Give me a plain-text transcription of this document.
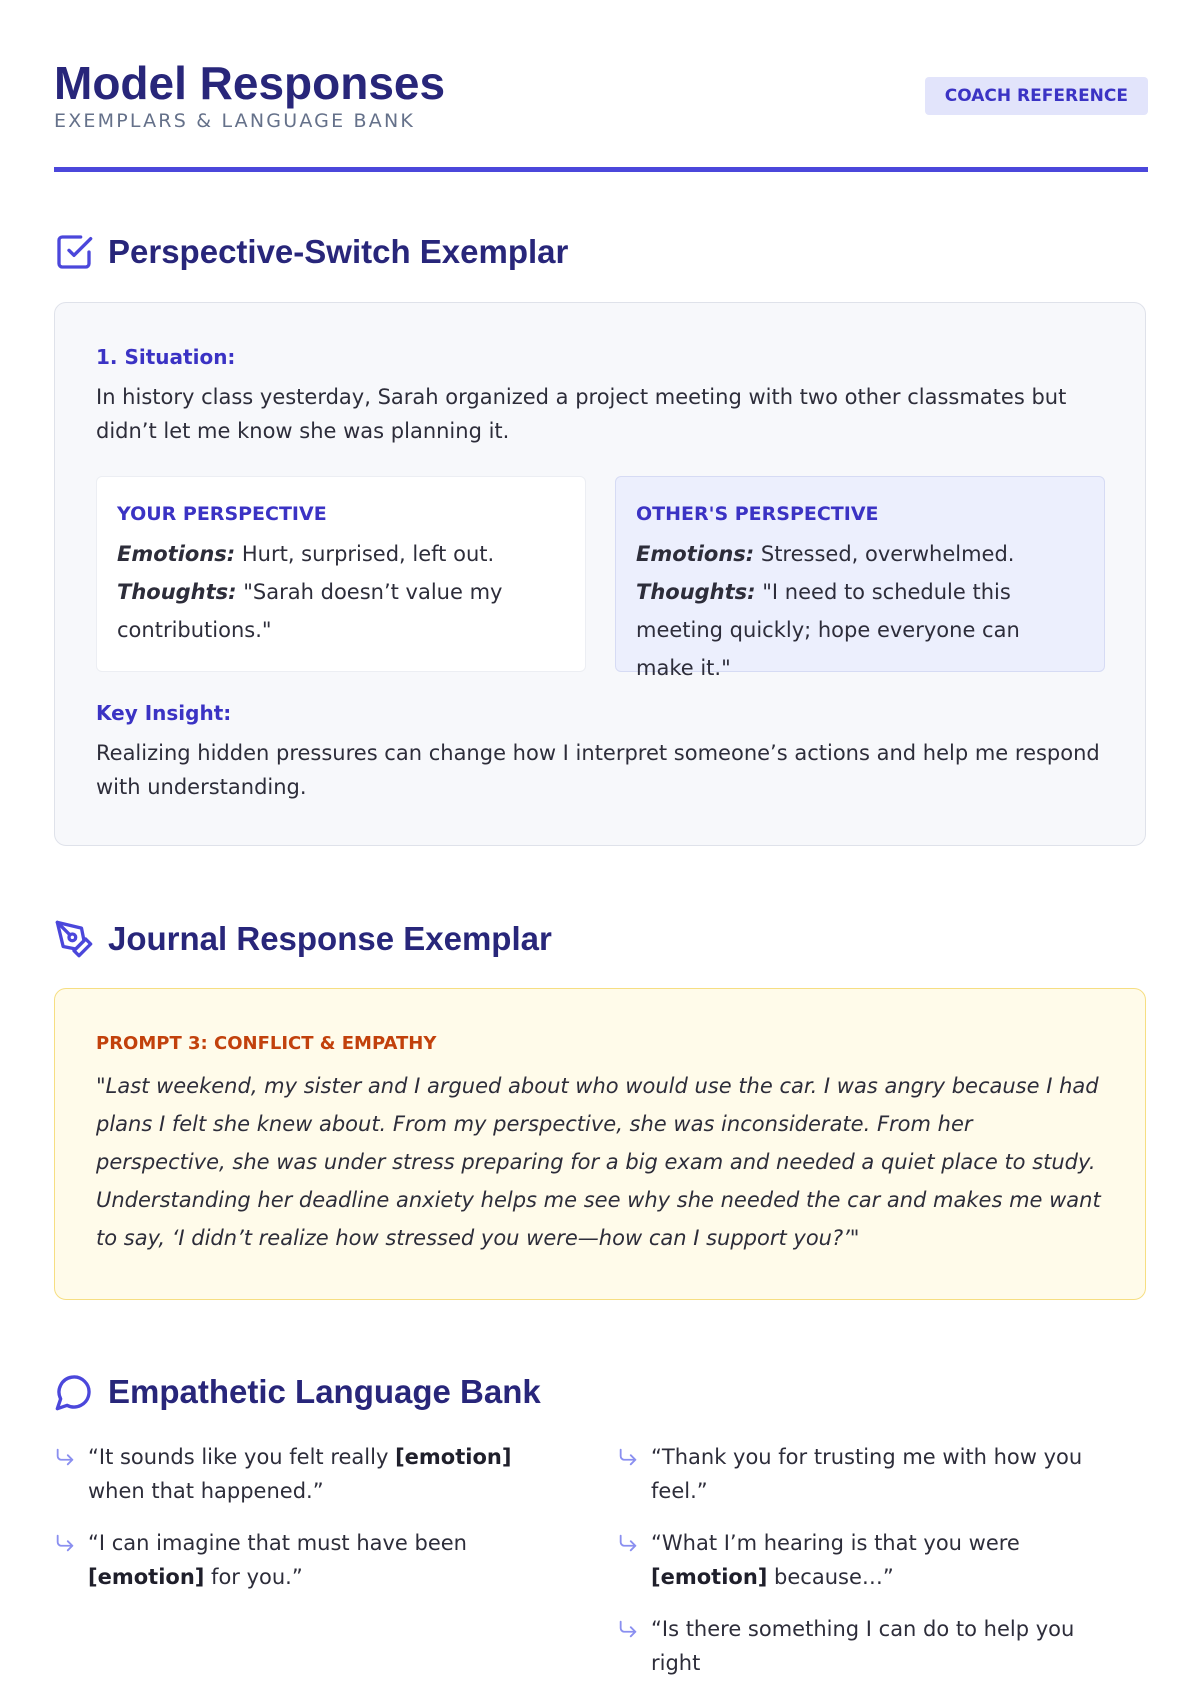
Model Responses
EXEMPLARS & LANGUAGE BANK
COACH REFERENCE
Perspective-Switch Exemplar
1. Situation:
In history class yesterday, Sarah organized a project meeting with two other classmates but didn’t let me know she was planning it.
YOUR PERSPECTIVE
Emotions: Hurt, surprised, left out.
Thoughts: "Sarah doesn’t value my contributions."
OTHER'S PERSPECTIVE
Emotions: Stressed, overwhelmed.
Thoughts: "I need to schedule this meeting quickly; hope everyone can make it."
Key Insight:
Realizing hidden pressures can change how I interpret someone’s actions and help me respond with understanding.
Journal Response Exemplar
PROMPT 3: CONFLICT & EMPATHY
"Last weekend, my sister and I argued about who would use the car. I was angry because I had plans I felt she knew about. From my perspective, she was inconsiderate. From her perspective, she was under stress preparing for a big exam and needed a quiet place to study. Understanding her deadline anxiety helps me see why she needed the car and makes me want to say, ‘I didn’t realize how stressed you were—how can I support you?’"
Empathetic Language Bank
“It sounds like you felt really [emotion] when that happened.”
“I can imagine that must have been [emotion] for you.”
“Thank you for trusting me with how you feel.”
“What I’m hearing is that you were [emotion] because…”
“Is there something I can do to help you right
